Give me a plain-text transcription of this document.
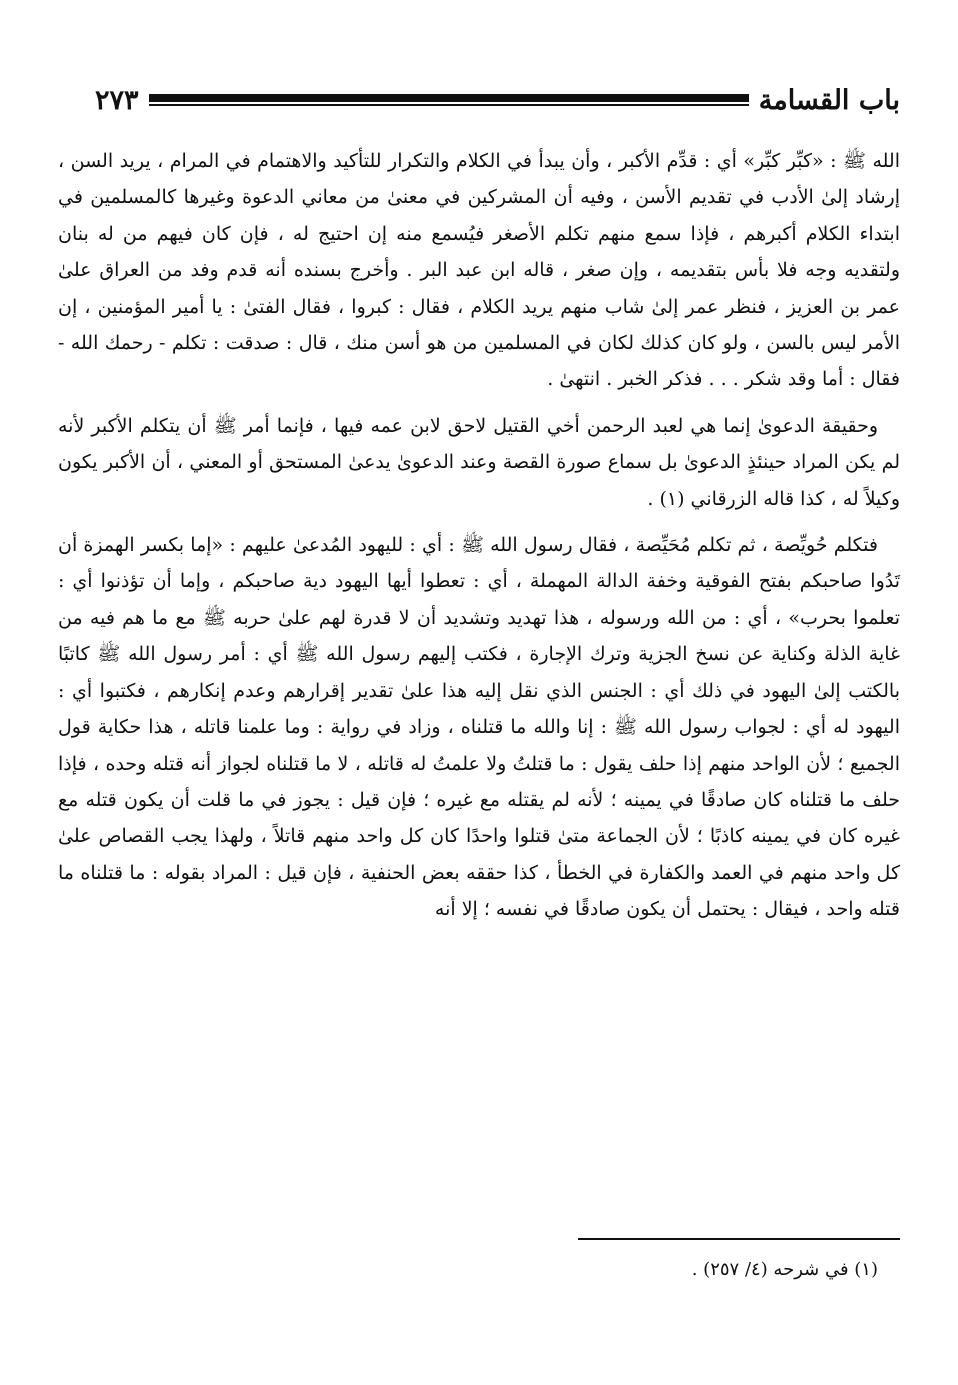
باب القسامة
٢٧٣

الله ﷺ : «كبِّر كبِّر» أي : قدِّم الأكبر ، وأن يبدأ في الكلام والتكرار للتأكيد والاهتمام في المرام ، يريد السن ، إرشاد إلىٰ الأدب في تقديم الأسن ، وفيه أن المشركين في معنىٰ من معاني الدعوة وغيرها كالمسلمين في ابتداء الكلام أكبرهم ، فإذا سمع منهم تكلم الأصغر فيُسمع منه إن احتيج له ، فإن كان فيهم من له بنان ولتقديه وجه فلا بأس بتقديمه ، وإن صغر ، قاله ابن عبد البر . وأخرج بسنده أنه قدم وفد من العراق علىٰ عمر بن العزيز ، فنظر عمر إلىٰ شاب منهم يريد الكلام ، فقال : كبروا ، فقال الفتىٰ : يا أمير المؤمنين ، إن الأمر ليس بالسن ، ولو كان كذلك لكان في المسلمين من هو أسن منك ، قال : صدقت : تكلم - رحمك الله - فقال : أما وقد شكر . . . فذكر الخبر . انتهىٰ .

وحقيقة الدعوىٰ إنما هي لعبد الرحمن أخي القتيل لاحق لابن عمه فيها ، فإنما أمر ﷺ أن يتكلم الأكبر لأنه لم يكن المراد حينئذٍ الدعوىٰ بل سماع صورة القصة وعند الدعوىٰ يدعىٰ المستحق أو المعني ، أن الأكبر يكون وكيلاً له ، كذا قاله الزرقاني (١) .

فتكلم حُويِّصة ، ثم تكلم مُحَيِّصة ، فقال رسول الله ﷺ : أي : لليهود المُدعىٰ عليهم : «إما بكسر الهمزة أن تَدُوا صاحبكم بفتح الفوقية وخفة الدالة المهملة ، أي : تعطوا أيها اليهود دية صاحبكم ، وإما أن تؤذنوا أي : تعلموا بحرب» ، أي : من الله ورسوله ، هذا تهديد وتشديد أن لا قدرة لهم علىٰ حربه ﷺ مع ما هم فيه من غاية الذلة وكناية عن نسخ الجزية وترك الإجارة ، فكتب إليهم رسول الله ﷺ أي : أمر رسول الله ﷺ كاتبًا بالكتب إلىٰ اليهود في ذلك أي : الجنس الذي نقل إليه هذا علىٰ تقدير إقرارهم وعدم إنكارهم ، فكتبوا أي : اليهود له أي : لجواب رسول الله ﷺ : إنا والله ما قتلناه ، وزاد في رواية : وما علمنا قاتله ، هذا حكاية قول الجميع ؛ لأن الواحد منهم إذا حلف يقول : ما قتلتُ ولا علمتُ له قاتله ، لا ما قتلناه لجواز أنه قتله وحده ، فإذا حلف ما قتلناه كان صادقًا في يمينه ؛ لأنه لم يقتله مع غيره ؛ فإن قيل : يجوز في ما قلت أن يكون قتله مع غيره كان في يمينه كاذبًا ؛ لأن الجماعة متىٰ قتلوا واحدًا كان كل واحد منهم قاتلاً ، ولهذا يجب القصاص علىٰ كل واحد منهم في العمد والكفارة في الخطأ ، كذا حققه بعض الحنفية ، فإن قيل : المراد بقوله : ما قتلناه ما قتله واحد ، فيقال : يحتمل أن يكون صادقًا في نفسه ؛ إلا أنه

(١) في شرحه (٤/ ٢٥٧) .
